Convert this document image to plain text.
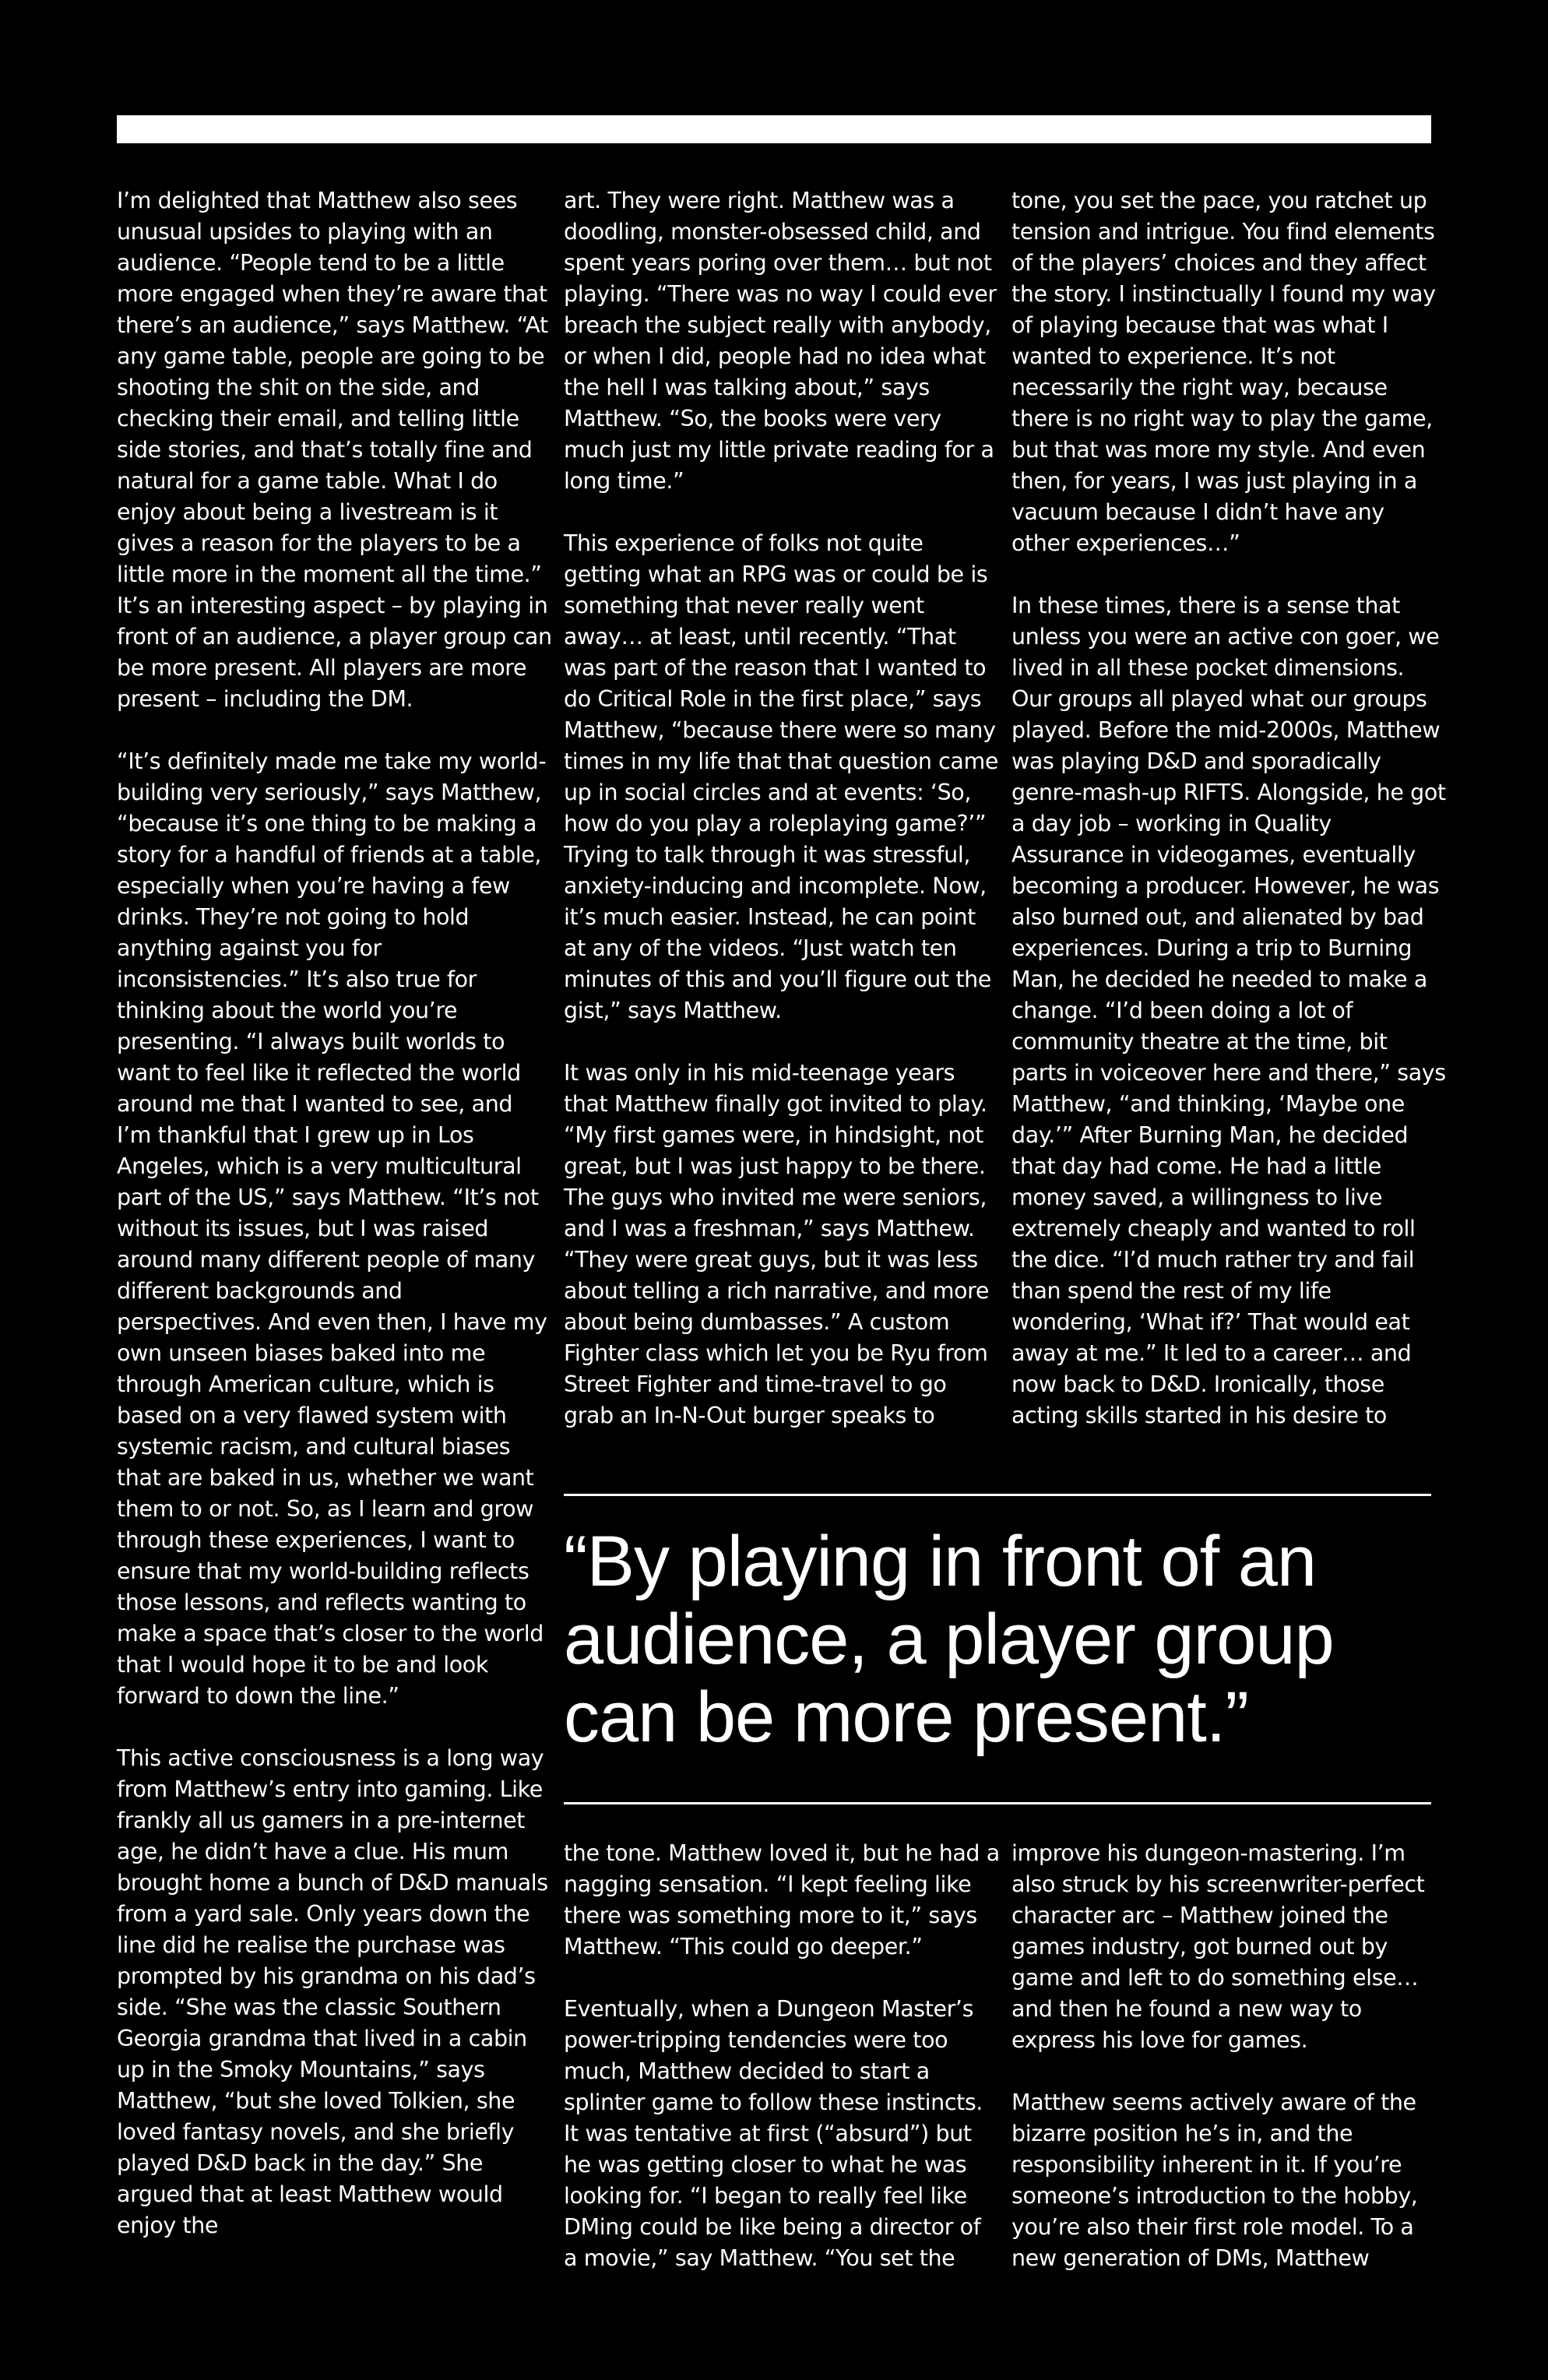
I’m delighted that Matthew also sees unusual upsides to playing with an audience. “People tend to be a little more engaged when they’re aware that there’s an audience,” says Matthew. “At any game table, people are going to be shooting the shit on the side, and checking their email, and telling little side stories, and that’s totally fine and natural for a game table. What I do enjoy about being a livestream is it gives a reason for the players to be a little more in the moment all the time.” It’s an interesting aspect – by playing in front of an audience, a player group can be more present. All players are more present – including the DM.

“It’s definitely made me take my world-building very seriously,” says Matthew, “because it’s one thing to be making a story for a handful of friends at a table, especially when you’re having a few drinks. They’re not going to hold anything against you for inconsistencies.” It’s also true for thinking about the world you’re presenting. “I always built worlds to want to feel like it reflected the world around me that I wanted to see, and I’m thankful that I grew up in Los Angeles, which is a very multicultural part of the US,” says Matthew. “It’s not without its issues, but I was raised around many different people of many different backgrounds and perspectives. And even then, I have my own unseen biases baked into me through American culture, which is based on a very flawed system with systemic racism, and cultural biases that are baked in us, whether we want them to or not. So, as I learn and grow through these experiences, I want to ensure that my world-building reflects those lessons, and reflects wanting to make a space that’s closer to the world that I would hope it to be and look forward to down the line.”

This active consciousness is a long way from Matthew’s entry into gaming. Like frankly all us gamers in a pre-internet age, he didn’t have a clue. His mum brought home a bunch of D&D manuals from a yard sale. Only years down the line did he realise the purchase was prompted by his grandma on his dad’s side. “She was the classic Southern Georgia grandma that lived in a cabin up in the Smoky Mountains,” says Matthew, “but she loved Tolkien, she loved fantasy novels, and she briefly played D&D back in the day.” She argued that at least Matthew would enjoy the

art. They were right. Matthew was a doodling, monster-obsessed child, and spent years poring over them… but not playing. “There was no way I could ever breach the subject really with anybody, or when I did, people had no idea what the hell I was talking about,” says Matthew. “So, the books were very much just my little private reading for a long time.”

This experience of folks not quite getting what an RPG was or could be is something that never really went away… at least, until recently. “That was part of the reason that I wanted to do Critical Role in the first place,” says Matthew, “because there were so many times in my life that that question came up in social circles and at events: ‘So, how do you play a roleplaying game?’” Trying to talk through it was stressful, anxiety-inducing and incomplete. Now, it’s much easier. Instead, he can point at any of the videos. “Just watch ten minutes of this and you’ll figure out the gist,” says Matthew.

It was only in his mid-teenage years that Matthew finally got invited to play. “My first games were, in hindsight, not great, but I was just happy to be there. The guys who invited me were seniors, and I was a freshman,” says Matthew. “They were great guys, but it was less about telling a rich narrative, and more about being dumbasses.” A custom Fighter class which let you be Ryu from Street Fighter and time-travel to go grab an In-N-Out burger speaks to

tone, you set the pace, you ratchet up tension and intrigue. You find elements of the players’ choices and they affect the story. I instinctually I found my way of playing because that was what I wanted to experience. It’s not necessarily the right way, because there is no right way to play the game, but that was more my style. And even then, for years, I was just playing in a vacuum because I didn’t have any other experiences…”

In these times, there is a sense that unless you were an active con goer, we lived in all these pocket dimensions. Our groups all played what our groups played. Before the mid-2000s, Matthew was playing D&D and sporadically genre-mash-up RIFTS. Alongside, he got a day job – working in Quality Assurance in videogames, eventually becoming a producer. However, he was also burned out, and alienated by bad experiences. During a trip to Burning Man, he decided he needed to make a change. “I’d been doing a lot of community theatre at the time, bit parts in voiceover here and there,” says Matthew, “and thinking, ‘Maybe one day.’” After Burning Man, he decided that day had come. He had a little money saved, a willingness to live extremely cheaply and wanted to roll the dice. “I’d much rather try and fail than spend the rest of my life wondering, ‘What if?’ That would eat away at me.” It led to a career… and now back to D&D. Ironically, those acting skills started in his desire to

“By playing in front of an audience, a player group can be more present.”

the tone. Matthew loved it, but he had a nagging sensation. “I kept feeling like there was something more to it,” says Matthew. “This could go deeper.”

Eventually, when a Dungeon Master’s power-tripping tendencies were too much, Matthew decided to start a splinter game to follow these instincts. It was tentative at first (“absurd”) but he was getting closer to what he was looking for. “I began to really feel like DMing could be like being a director of a movie,” say Matthew. “You set the

improve his dungeon-mastering. I’m also struck by his screenwriter-perfect character arc – Matthew joined the games industry, got burned out by game and left to do something else… and then he found a new way to express his love for games.

Matthew seems actively aware of the bizarre position he’s in, and the responsibility inherent in it. If you’re someone’s introduction to the hobby, you’re also their first role model. To a new generation of DMs, Matthew
